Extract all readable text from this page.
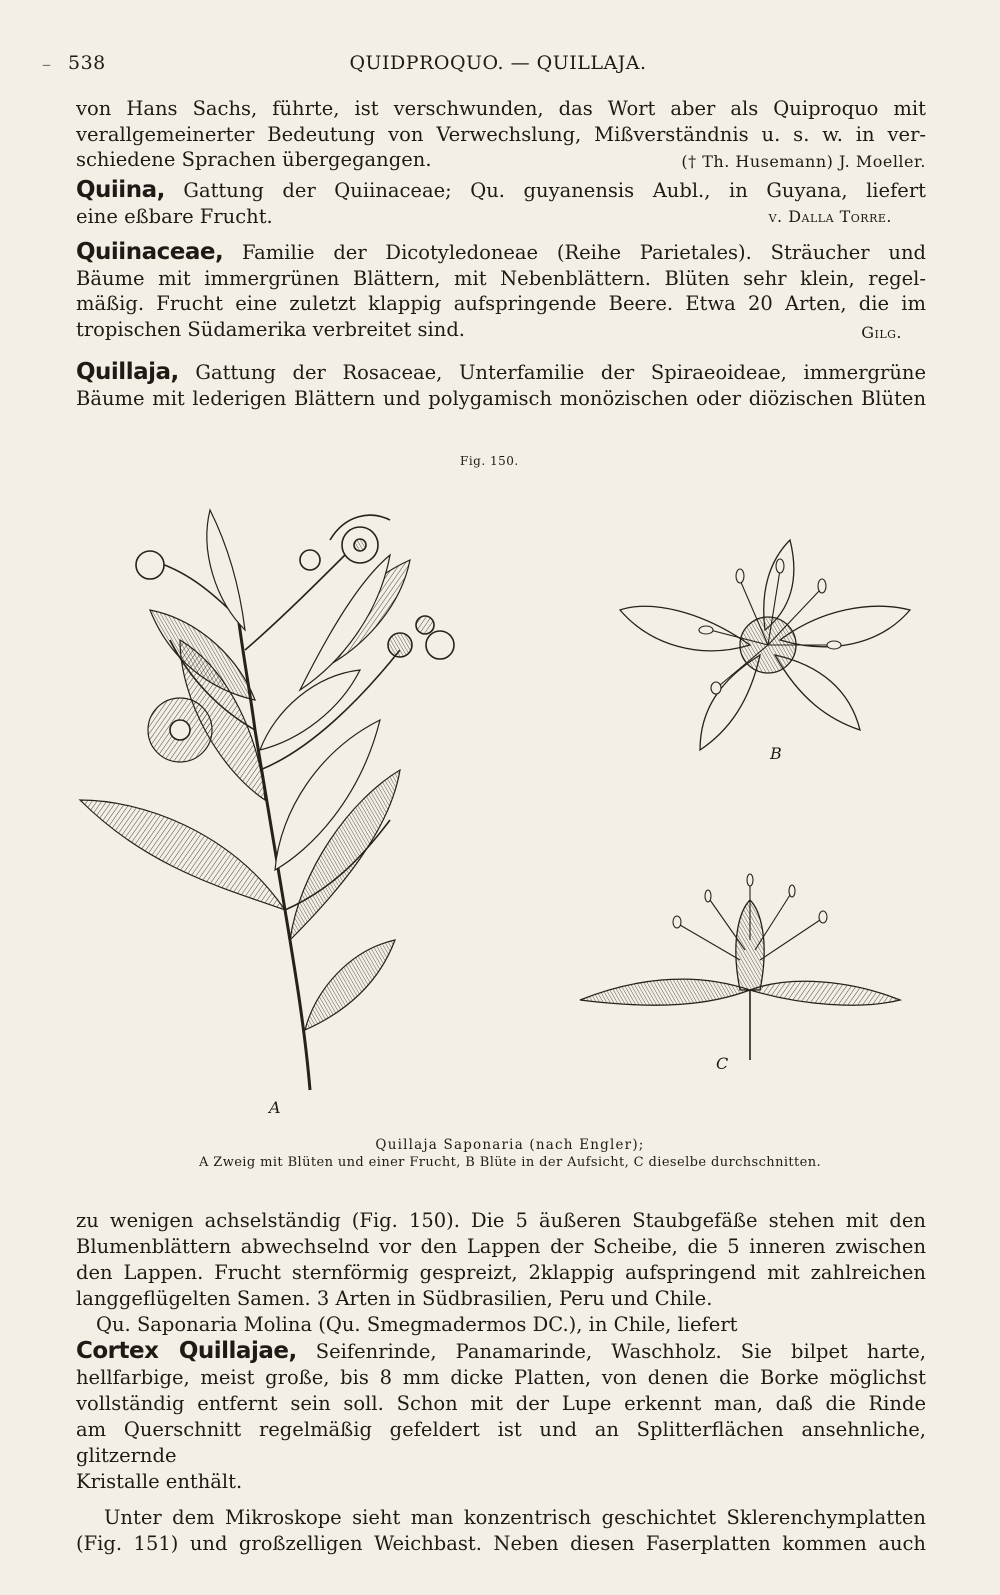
– 538	QUIDPROQUO. — QUILLAJA.
von Hans Sachs, führte, ist verschwunden, das Wort aber als Quiproquo mit
verallgemeinerter Bedeutung von Verwechslung, Mißverständnis u. s. w. in ver-
schiedene Sprachen übergegangen.	(† Th. Husemann) J. Moeller.
Quiina, Gattung der Quiinaceae; Qu. guyanensis Aubl., in Guyana, liefert
eine eßbare Frucht.	v. Dalla Torre.
Quiinaceae, Familie der Dicotyledoneae (Reihe Parietales). Sträucher und
Bäume mit immergrünen Blättern, mit Nebenblättern. Blüten sehr klein, regel-
mäßig. Frucht eine zuletzt klappig aufspringende Beere. Etwa 20 Arten, die im
tropischen Südamerika verbreitet sind.	Gilg.
Quillaja, Gattung der Rosaceae, Unterfamilie der Spiraeoideae, immergrüne
Bäume mit lederigen Blättern und polygamisch monözischen oder diözischen Blüten
Fig. 150.
A
B
C
Quillaja Saponaria (nach Engler);
A Zweig mit Blüten und einer Frucht, B Blüte in der Aufsicht, C dieselbe durchschnitten.
zu wenigen achselständig (Fig. 150). Die 5 äußeren Staubgefäße stehen mit den
Blumenblättern abwechselnd vor den Lappen der Scheibe, die 5 inneren zwischen
den Lappen. Frucht sternförmig gespreizt, 2klappig aufspringend mit zahlreichen
langgeflügelten Samen. 3 Arten in Südbrasilien, Peru und Chile.
Qu. Saponaria Molina (Qu. Smegmadermos DC.), in Chile, liefert
Cortex Quillajae, Seifenrinde, Panamarinde, Waschholz. Sie bilpet harte,
hellfarbige, meist große, bis 8 mm dicke Platten, von denen die Borke möglichst
vollständig entfernt sein soll. Schon mit der Lupe erkennt man, daß die Rinde
am Querschnitt regelmäßig gefeldert ist und an Splitterflächen ansehnliche, glitzernde
Kristalle enthält.
Unter dem Mikroskope sieht man konzentrisch geschichtet Sklerenchymplatten
(Fig. 151) und großzelligen Weichbast. Neben diesen Faserplatten kommen auch
